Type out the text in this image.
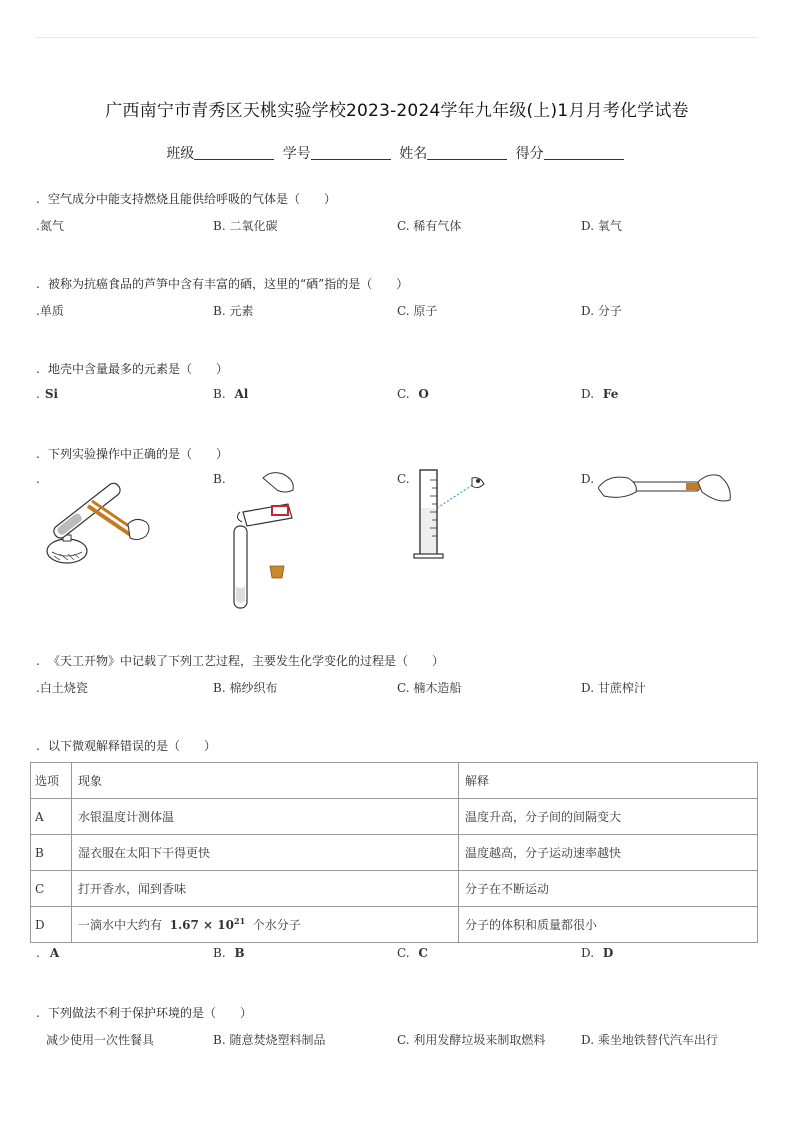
广西南宁市青秀区天桃实验学校2023-2024学年九年级(上)1月月考化学试卷
班级	学号	姓名	得分
. 空气成分中能支持燃烧且能供给呼吸的气体是（　　）
.氮气	B. 二氧化碳	C. 稀有气体	D. 氧气
. 被称为抗癌食品的芦笋中含有丰富的硒，这里的“硒”指的是（　　）
.单质	B. 元素	C. 原子	D. 分子
. 地壳中含量最多的元素是（　　）
. Si	B. Al	C. O	D. Fe
. 下列实验操作中正确的是（　　）
.	B.	C.	D.
. 《天工开物》中记载了下列工艺过程，主要发生化学变化的过程是（　　）
.白土烧瓷	B. 棉纱织布	C. 楠木造船	D. 甘蔗榨汁
. 以下微观解释错误的是（　　）
选项	现象	解释
A	水银温度计测体温	温度升高，分子间的间隔变大
B	湿衣服在太阳下干得更快	温度越高，分子运动速率越快
C	打开香水，闻到香味	分子在不断运动
D	一滴水中大约有 $1.67 \times 10^{21}$ 个水分子	分子的体积和质量都很小
. A	B. B	C. C	D. D
. 下列做法不利于保护环境的是（　　）
减少使用一次性餐具	B. 随意焚烧塑料制品	C. 利用发酵垃圾来制取燃料	D. 乘坐地铁替代汽车出行
